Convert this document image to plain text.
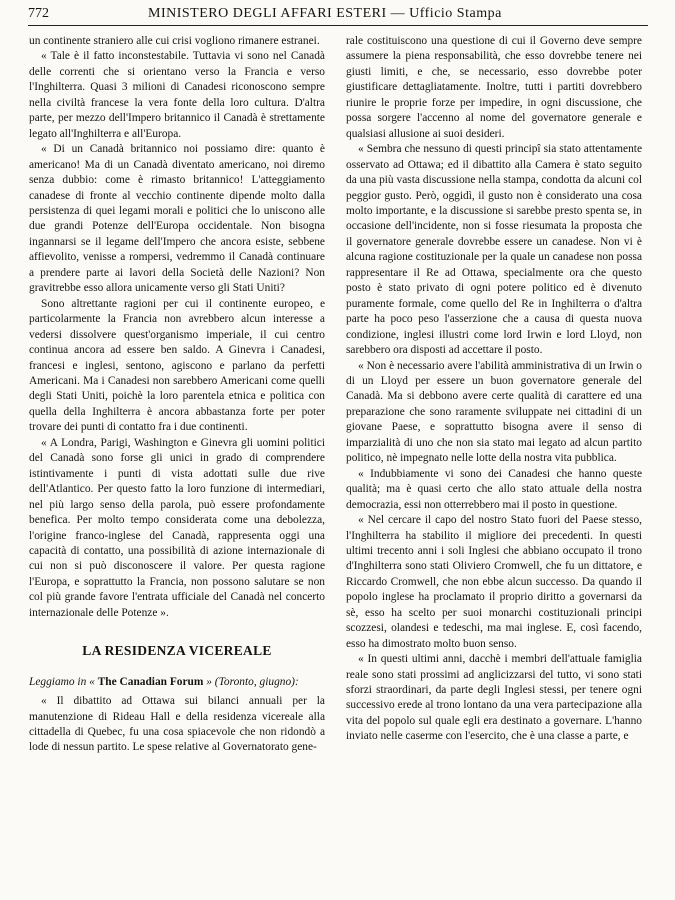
772	MINISTERO DEGLI AFFARI ESTERI — Ufficio Stampa

un continente straniero alle cui crisi vogliono rimanere estranei.

« Tale è il fatto inconstestabile. Tuttavia vi sono nel Canadà delle correnti che si orientano verso la Francia e verso l'Inghilterra. Quasi 3 milioni di Canadesi riconoscono sempre nella civiltà francese la vera fonte della loro cultura. D'altra parte, per mezzo dell'Impero britannico il Canadà è strettamente legato all'Inghilterra e all'Europa.

« Di un Canadà britannico noi possiamo dire: quanto è americano! Ma di un Canadà diventato americano, noi diremo senza dubbio: come è rimasto britannico! L'atteggiamento canadese di fronte al vecchio continente dipende molto dalla persistenza di quei legami morali e politici che lo uniscono alle due grandi Potenze dell'Europa occidentale. Non bisogna ingannarsi se il legame dell'Impero che ancora esiste, sebbene affievolito, venisse a rompersi, vedremmo il Canadà continuare a prendere parte ai lavori della Società delle Nazioni? Non gravitrebbe esso allora unicamente verso gli Stati Uniti?

Sono altrettante ragioni per cui il continente europeo, e particolarmente la Francia non avrebbero alcun interesse a vedersi dissolvere quest'organismo imperiale, il cui centro continua ancora ad essere ben saldo. A Ginevra i Canadesi, francesi e inglesi, sentono, agiscono e parlano da perfetti Americani. Ma i Canadesi non sarebbero Americani come quelli degli Stati Uniti, poichè la loro parentela etnica e politica con quella della Inghilterra è ancora abbastanza forte per poter trovare dei punti di contatto fra i due continenti.

« A Londra, Parigi, Washington e Ginevra gli uomini politici del Canadà sono forse gli unici in grado di comprendere istintivamente i punti di vista adottati sulle due rive dell'Atlantico. Per questo fatto la loro funzione di intermediari, nel più largo senso della parola, può essere profondamente benefica. Per molto tempo considerata come una debolezza, l'origine franco-inglese del Canadà, rappresenta oggi una capacità di contatto, una possibilità di azione internazionale di cui non si può disconoscere il valore. Per questa ragione l'Europa, e soprattutto la Francia, non possono salutare se non col più grande favore l'entrata ufficiale del Canadà nel concerto internazionale delle Potenze ».

LA RESIDENZA VICEREALE

Leggiamo in « The Canadian Forum » (Toronto, giugno):

« Il dibattito ad Ottawa sui bilanci annuali per la manutenzione di Rideau Hall e della residenza vicereale alla cittadella di Quebec, fu una cosa spiacevole che non ridondò a lode di nessun partito. Le spese relative al Governatorato gene-

rale costituiscono una questione di cui il Governo deve sempre assumere la piena responsabilità, che esso dovrebbe tenere nei giusti limiti, e che, se necessario, esso dovrebbe poter giustificare dettagliatamente. Inoltre, tutti i partiti dovrebbero riunire le proprie forze per impedire, in ogni discussione, che possa sorgere l'accenno al nome del governatore generale e qualsiasi allusione ai suoi desideri.

« Sembra che nessuno di questi principî sia stato attentamente osservato ad Ottawa; ed il dibattito alla Camera è stato seguito da una più vasta discussione nella stampa, condotta da alcuni col peggior gusto. Però, oggidì, il gusto non è considerato una cosa molto importante, e la discussione si sarebbe presto spenta se, in occasione dell'incidente, non si fosse riesumata la proposta che il governatore generale dovrebbe essere un canadese. Non vi è alcuna ragione costituzionale per la quale un canadese non possa rappresentare il Re ad Ottawa, specialmente ora che questo posto è stato privato di ogni potere politico ed è divenuto puramente formale, come quello del Re in Inghilterra o d'altra parte ha poco peso l'asserzione che a causa di questa nuova condizione, inglesi illustri come lord Irwin e lord Lloyd, non sarebbero ora disposti ad accettare il posto.

« Non è necessario avere l'abilità amministrativa di un Irwin o di un Lloyd per essere un buon governatore generale del Canadà. Ma si debbono avere certe qualità di carattere ed una preparazione che sono raramente sviluppate nei cittadini di un giovane Paese, e soprattutto bisogna avere il senso di imparzialità di uno che non sia stato mai legato ad alcun partito politico, nè impegnato nelle lotte della nostra vita pubblica.

« Indubbiamente vi sono dei Canadesi che hanno queste qualità; ma è quasi certo che allo stato attuale della nostra democrazia, essi non otterrebbero mai il posto in questione.

« Nel cercare il capo del nostro Stato fuori del Paese stesso, l'Inghilterra ha stabilito il migliore dei precedenti. In questi ultimi trecento anni i soli Inglesi che abbiano occupato il trono d'Inghilterra sono stati Oliviero Cromwell, che fu un dittatore, e Riccardo Cromwell, che non ebbe alcun successo. Da quando il popolo inglese ha proclamato il proprio diritto a governarsi da sè, esso ha scelto per suoi monarchi costituzionali principi scozzesi, olandesi e tedeschi, ma mai inglese. E, così facendo, esso ha dimostrato molto buon senso.

« In questi ultimi anni, dacchè i membri dell'attuale famiglia reale sono stati prossimi ad anglicizzarsi del tutto, vi sono stati sforzi straordinari, da parte degli Inglesi stessi, per tenere ogni successivo erede al trono lontano da una vera partecipazione alla vita del popolo sul quale egli era destinato a governare. L'hanno inviato nelle caserme con l'esercito, che è una classe a parte, e
